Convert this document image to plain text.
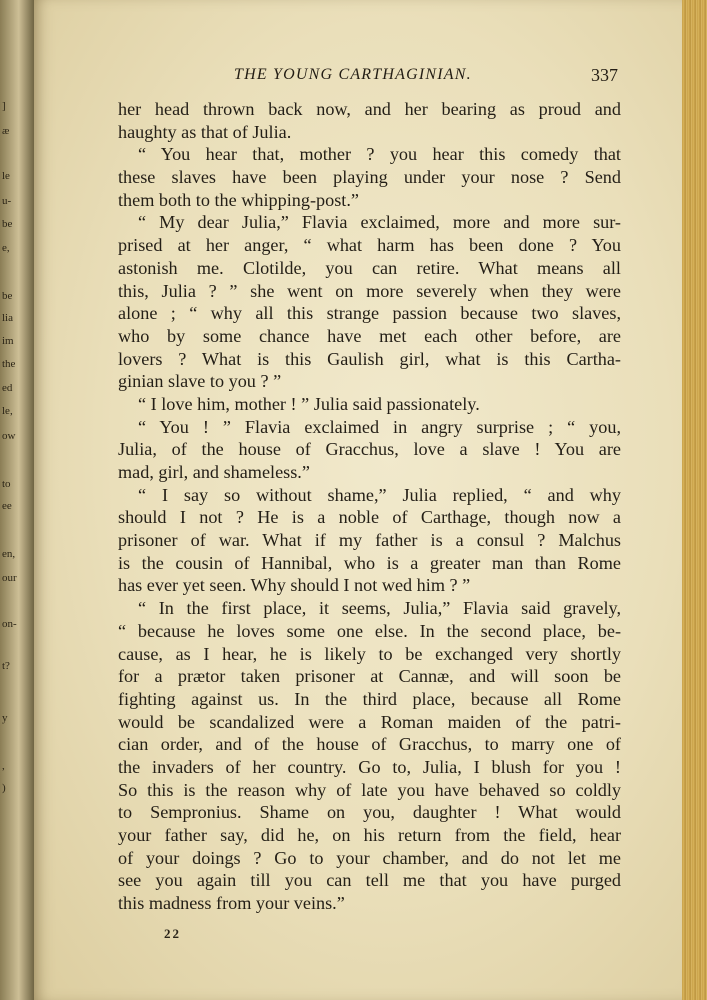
]
æ
le
u-
be
e,
be
lia
im
the
ed
le,
ow
to
ee
en,
our
on-
t?
y
,
)
THE YOUNG CARTHAGINIAN.	337
her head thrown back now, and her bearing as proud and
haughty as that of Julia.
“ You hear that, mother ? you hear this comedy that
these slaves have been playing under your nose ? Send
them both to the whipping-post.”
“ My dear Julia,” Flavia exclaimed, more and more sur-
prised at her anger, “ what harm has been done ? You
astonish me. Clotilde, you can retire. What means all
this, Julia ? ” she went on more severely when they were
alone ; “ why all this strange passion because two slaves,
who by some chance have met each other before, are
lovers ? What is this Gaulish girl, what is this Cartha-
ginian slave to you ? ”
“ I love him, mother ! ” Julia said passionately.
“ You ! ” Flavia exclaimed in angry surprise ; “ you,
Julia, of the house of Gracchus, love a slave ! You are
mad, girl, and shameless.”
“ I say so without shame,” Julia replied, “ and why
should I not ? He is a noble of Carthage, though now a
prisoner of war. What if my father is a consul ? Malchus
is the cousin of Hannibal, who is a greater man than Rome
has ever yet seen. Why should I not wed him ? ”
“ In the first place, it seems, Julia,” Flavia said gravely,
“ because he loves some one else. In the second place, be-
cause, as I hear, he is likely to be exchanged very shortly
for a prætor taken prisoner at Cannæ, and will soon be
fighting against us. In the third place, because all Rome
would be scandalized were a Roman maiden of the patri-
cian order, and of the house of Gracchus, to marry one of
the invaders of her country. Go to, Julia, I blush for you !
So this is the reason why of late you have behaved so coldly
to Sempronius. Shame on you, daughter ! What would
your father say, did he, on his return from the field, hear
of your doings ? Go to your chamber, and do not let me
see you again till you can tell me that you have purged
this madness from your veins.”
22
